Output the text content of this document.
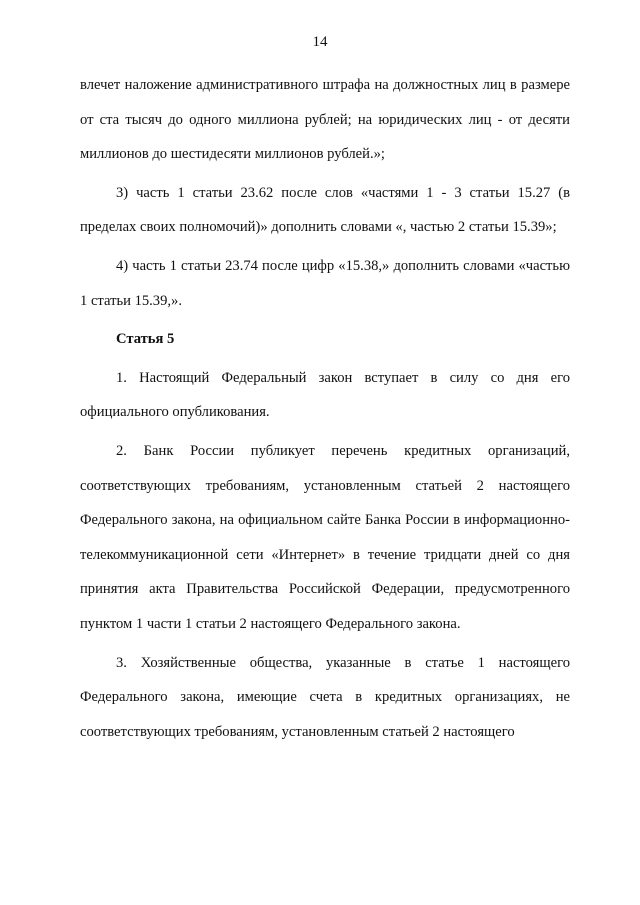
14

влечет наложение административного штрафа на должностных лиц в размере от ста тысяч до одного миллиона рублей; на юридических лиц - от десяти миллионов до шестидесяти миллионов рублей.»;

3) часть 1 статьи 23.62 после слов «частями 1 - 3 статьи 15.27 (в пределах своих полномочий)» дополнить словами «, частью 2 статьи 15.39»;

4) часть 1 статьи 23.74 после цифр «15.38,» дополнить словами «частью 1 статьи 15.39,».

Статья 5

1. Настоящий Федеральный закон вступает в силу со дня его официального опубликования.

2. Банк России публикует перечень кредитных организаций, соответствующих требованиям, установленным статьей 2 настоящего Федерального закона, на официальном сайте Банка России в информационно-телекоммуникационной сети «Интернет» в течение тридцати дней со дня принятия акта Правительства Российской Федерации, предусмотренного пунктом 1 части 1 статьи 2 настоящего Федерального закона.

3. Хозяйственные общества, указанные в статье 1 настоящего Федерального закона, имеющие счета в кредитных организациях, не соответствующих требованиям, установленным статьей 2 настоящего
